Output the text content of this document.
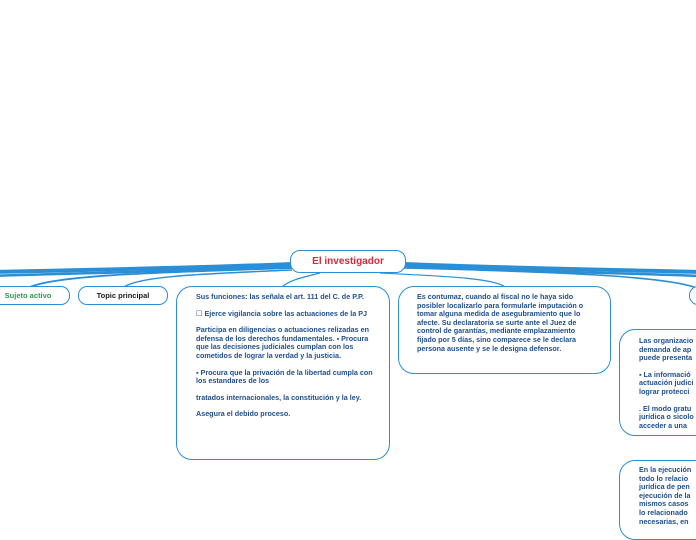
El investigador
Sujeto activo	Topic principal	Sus funciones: las señala el art. 111 del C. de P.P.

☐ Ejerce vigilancia sobre las actuaciones de la PJ

Participa en diligencias o actuaciones relizadas en defensa de los derechos fundamentales. ▪ Procura que las decisiones judiciales cumplan con los cometidos de lograr la verdad y la justicia.

▪ Procura que la privación de la libertad cumpla con los estandares de los

tratados internacionales, la constitución y la ley.

Asegura el debido proceso.

Es contumaz, cuando al fiscal no le haya sido posibler localizarlo para formularle imputación o tomar alguna medida de asegubramiento que lo afecte. Su declaratoria se surte ante el Juez de control de garantías, mediante emplazamiento fijado por 5 días, sino comparece se le declara persona ausente y se le designa defensor.

Las organizacio
demanda de ap
puede presenta

▪ La informació
actuación judici
lograr protecci

. El modo gratu
jurídica o sicolo
acceder a una

En la ejecución
todo lo relacio
jurídica de pen
ejecución de la
mismos casos
lo relacionado
necesarias, en
